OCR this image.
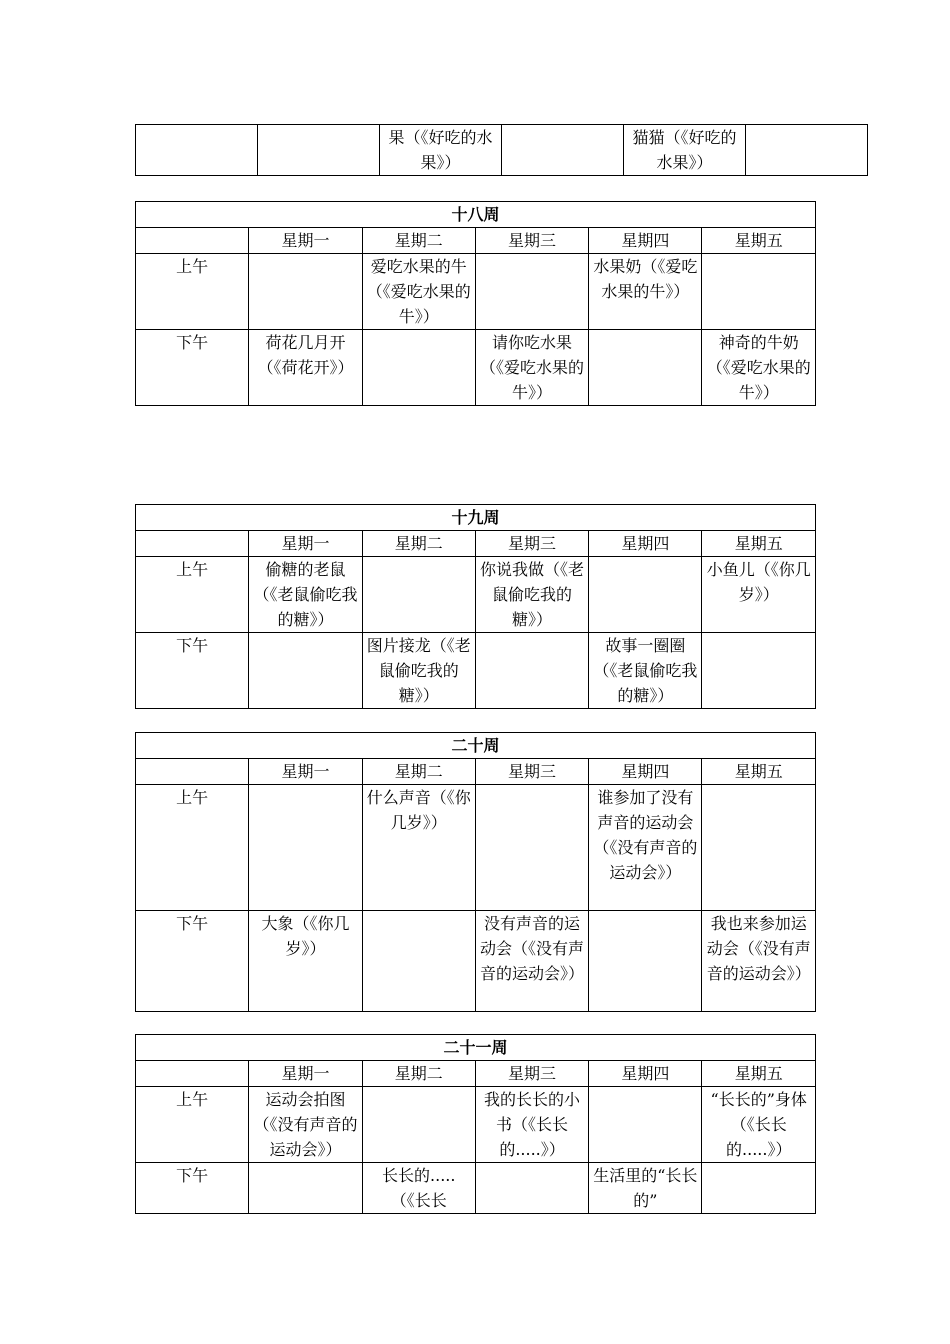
		果（《好吃的水果》）		猫猫（《好吃的水果》）	
十八周					
	星期一	星期二	星期三	星期四	星期五
上午		爱吃水果的牛（《爱吃水果的牛》）		水果奶（《爱吃水果的牛》）	
下午	荷花几月开（《荷花开》）		请你吃水果（《爱吃水果的牛》）		神奇的牛奶（《爱吃水果的牛》）
十九周					
	星期一	星期二	星期三	星期四	星期五
上午	偷糖的老鼠（《老鼠偷吃我的糖》）		你说我做（《老鼠偷吃我的糖》）		小鱼儿（《你几岁》）
下午		图片接龙（《老鼠偷吃我的糖》）		故事一圈圈（《老鼠偷吃我的糖》）	
二十周					
	星期一	星期二	星期三	星期四	星期五
上午		什么声音（《你几岁》）		谁参加了没有声音的运动会（《没有声音的运动会》）	
下午	大象（《你几岁》）		没有声音的运动会（《没有声音的运动会》）		我也来参加运动会（《没有声音的运动会》）
二十一周					
	星期一	星期二	星期三	星期四	星期五
上午	运动会拍图（《没有声音的运动会》）		我的长长的小书（《长长的.....》）		“长长的”身体（《长长的.....》）
下午		长长的.....（《长长		生活里的“长长的”	
